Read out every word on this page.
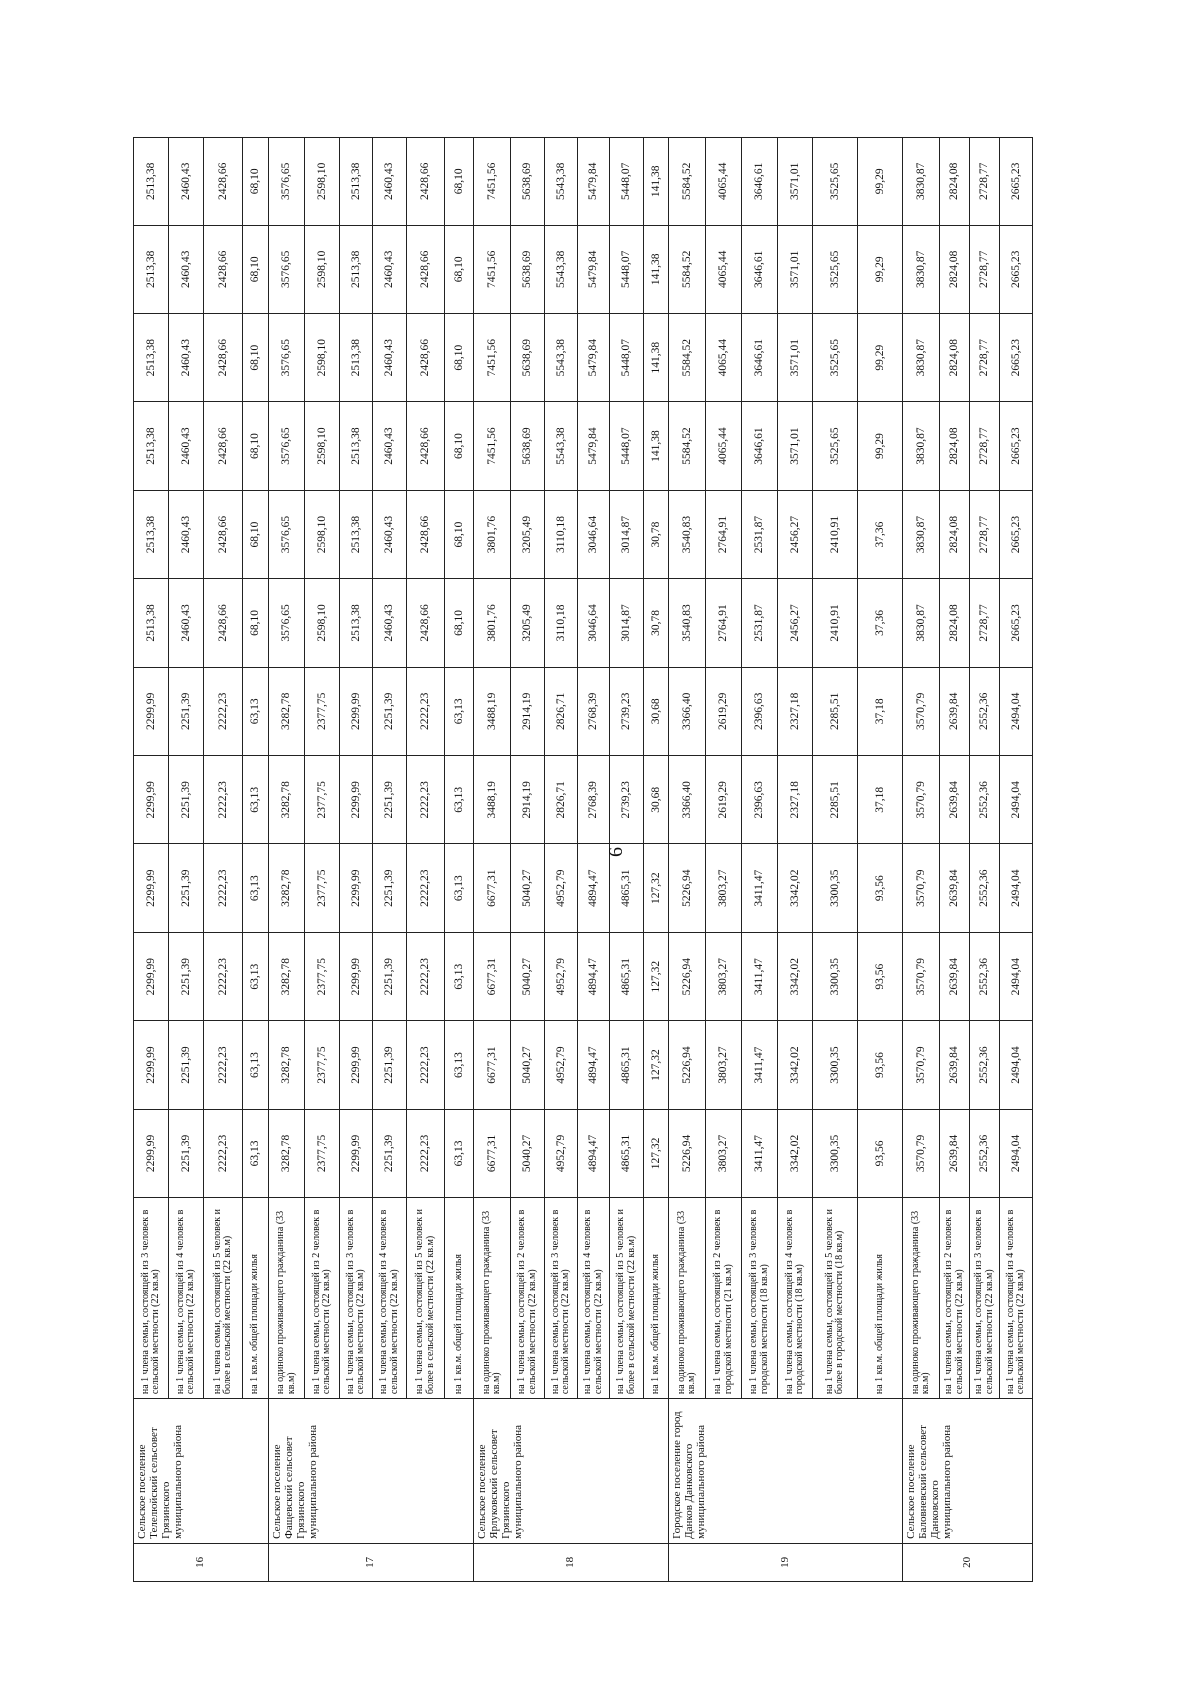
16	Сельское поселение Телелюйский сельсовет Грязинского муниципального района	на 1 члена семьи, состоящей из 3 человек в сельской местности (22 кв.м)	2299,99	2299,99	2299,99	2299,99	2299,99	2299,99	2513,38	2513,38	2513,38	2513,38	2513,38	2513,38
		на 1 члена семьи, состоящей из 4 человек в сельской местности (22 кв.м)	2251,39	2251,39	2251,39	2251,39	2251,39	2251,39	2460,43	2460,43	2460,43	2460,43	2460,43	2460,43
		на 1 члена семьи, состоящей из 5 человек и более в сельской местности (22 кв.м)	2222,23	2222,23	2222,23	2222,23	2222,23	2222,23	2428,66	2428,66	2428,66	2428,66	2428,66	2428,66
		на 1 кв.м. общей площади жилья	63,13	63,13	63,13	63,13	63,13	63,13	68,10	68,10	68,10	68,10	68,10	68,10
17	Сельское поселение Фащевский сельсовет Грязинского муниципального района	на одиноко проживающего гражданина (33 кв.м)	3282,78	3282,78	3282,78	3282,78	3282,78	3282,78	3576,65	3576,65	3576,65	3576,65	3576,65	3576,65
		на 1 члена семьи, состоящей из 2 человек в сельской местности (22 кв.м)	2377,75	2377,75	2377,75	2377,75	2377,75	2377,75	2598,10	2598,10	2598,10	2598,10	2598,10	2598,10
		на 1 члена семьи, состоящей из 3 человек в сельской местности (22 кв.м)	2299,99	2299,99	2299,99	2299,99	2299,99	2299,99	2513,38	2513,38	2513,38	2513,38	2513,38	2513,38
		на 1 члена семьи, состоящей из 4 человек в сельской местности (22 кв.м)	2251,39	2251,39	2251,39	2251,39	2251,39	2251,39	2460,43	2460,43	2460,43	2460,43	2460,43	2460,43
		на 1 члена семьи, состоящей из 5 человек и более в сельской местности (22 кв.м)	2222,23	2222,23	2222,23	2222,23	2222,23	2222,23	2428,66	2428,66	2428,66	2428,66	2428,66	2428,66
		на 1 кв.м. общей площади жилья	63,13	63,13	63,13	63,13	63,13	63,13	68,10	68,10	68,10	68,10	68,10	68,10
18	Сельское поселение Ярлуковский сельсовет Грязинского муниципального района	на одиноко проживающего гражданина (33 кв.м)	6677,31	6677,31	6677,31	6677,31	3488,19	3488,19	3801,76	3801,76	7451,56	7451,56	7451,56	7451,56
		на 1 члена семьи, состоящей из 2 человек в сельской местности (22 кв.м)	5040,27	5040,27	5040,27	5040,27	2914,19	2914,19	3205,49	3205,49	5638,69	5638,69	5638,69	5638,69
		на 1 члена семьи, состоящей из 3 человек в сельской местности (22 кв.м)	4952,79	4952,79	4952,79	4952,79	2826,71	2826,71	3110,18	3110,18	5543,38	5543,38	5543,38	5543,38
		на 1 члена семьи, состоящей из 4 человек в сельской местности (22 кв.м)	4894,47	4894,47	4894,47	4894,47	2768,39	2768,39	3046,64	3046,64	5479,84	5479,84	5479,84	5479,84
		на 1 члена семьи, состоящей из 5 человек и более в сельской местности (22 кв.м)	4865,31	4865,31	4865,31	4865,31	2739,23	2739,23	3014,87	3014,87	5448,07	5448,07	5448,07	5448,07
		на 1 кв.м. общей площади жилья	127,32	127,32	127,32	127,32	30,68	30,68	30,78	30,78	141,38	141,38	141,38	141,38
19	Городское поселение город Данков Данковского муниципального района	на одиноко проживающего гражданина (33 кв.м)	5226,94	5226,94	5226,94	5226,94	3366,40	3366,40	3540,83	3540,83	5584,52	5584,52	5584,52	5584,52
		на 1 члена семьи, состоящей из 2 человек в городской местности (21 кв.м)	3803,27	3803,27	3803,27	3803,27	2619,29	2619,29	2764,91	2764,91	4065,44	4065,44	4065,44	4065,44
		на 1 члена семьи, состоящей из 3 человек в городской местности (18 кв.м)	3411,47	3411,47	3411,47	3411,47	2396,63	2396,63	2531,87	2531,87	3646,61	3646,61	3646,61	3646,61
		на 1 члена семьи, состоящей из 4 человек в городской местности (18 кв.м)	3342,02	3342,02	3342,02	3342,02	2327,18	2327,18	2456,27	2456,27	3571,01	3571,01	3571,01	3571,01
		на 1 члена семьи, состоящей из 5 человек и более в городской местности (18 кв.м)	3300,35	3300,35	3300,35	3300,35	2285,51	2285,51	2410,91	2410,91	3525,65	3525,65	3525,65	3525,65
		на 1 кв.м. общей площади жилья	93,56	93,56	93,56	93,56	37,18	37,18	37,36	37,36	99,29	99,29	99,29	99,29
20	Сельское поселение Баловневский сельсовет Данковского муниципального района	на одиноко проживающего гражданина (33 кв.м)	3570,79	3570,79	3570,79	3570,79	3570,79	3570,79	3830,87	3830,87	3830,87	3830,87	3830,87	3830,87
		на 1 члена семьи, состоящей из 2 человек в сельской местности (22 кв.м)	2639,84	2639,84	2639,84	2639,84	2639,84	2639,84	2824,08	2824,08	2824,08	2824,08	2824,08	2824,08
		на 1 члена семьи, состоящей из 3 человек в сельской местности (22 кв.м)	2552,36	2552,36	2552,36	2552,36	2552,36	2552,36	2728,77	2728,77	2728,77	2728,77	2728,77	2728,77
		на 1 члена семьи, состоящей из 4 человек в сельской местности (22 кв.м)	2494,04	2494,04	2494,04	2494,04	2494,04	2494,04	2665,23	2665,23	2665,23	2665,23	2665,23	2665,23
6
